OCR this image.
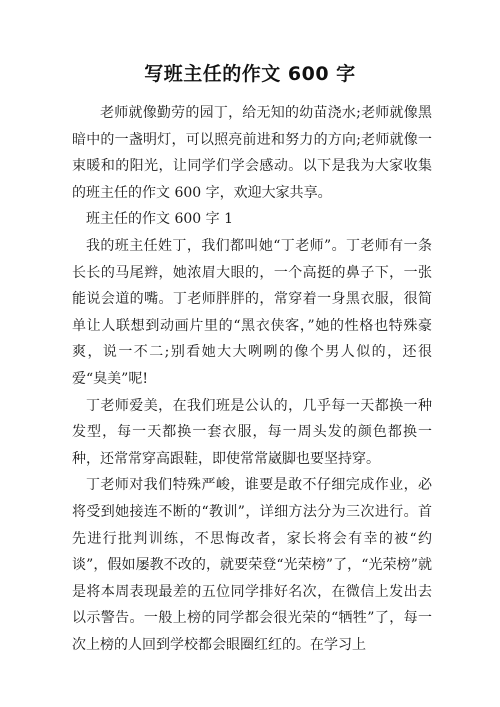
写班主任的作文 600 字

老师就像勤劳的园丁，给无知的幼苗浇水;老师就像黑暗中的一盏明灯，可以照亮前进和努力的方向;老师就像一束暖和的阳光，让同学们学会感动。以下是我为大家收集的班主任的作文 600 字，欢迎大家共享。

班主任的作文 600 字 1

我的班主任姓丁，我们都叫她“丁老师”。丁老师有一条长长的马尾辫，她浓眉大眼的，一个高挺的鼻子下，一张能说会道的嘴。丁老师胖胖的，常穿着一身黑衣服，很简单让人联想到动画片里的“黑衣侠客，”她的性格也特殊豪爽，说一不二;别看她大大咧咧的像个男人似的，还很爱“臭美”呢!

丁老师爱美，在我们班是公认的，几乎每一天都换一种发型，每一天都换一套衣服，每一周头发的颜色都换一种，还常常穿高跟鞋，即使常常崴脚也要坚持穿。

丁老师对我们特殊严峻，谁要是敢不仔细完成作业，必将受到她接连不断的“教训”，详细方法分为三次进行。首先进行批判训练，不思悔改者，家长将会有幸的被“约谈”，假如屡教不改的，就要荣登“光荣榜”了，“光荣榜”就是将本周表现最差的五位同学排好名次，在微信上发出去以示警告。一般上榜的同学都会很光荣的“牺牲”了，每一次上榜的人回到学校都会眼圈红红的。在学习上
